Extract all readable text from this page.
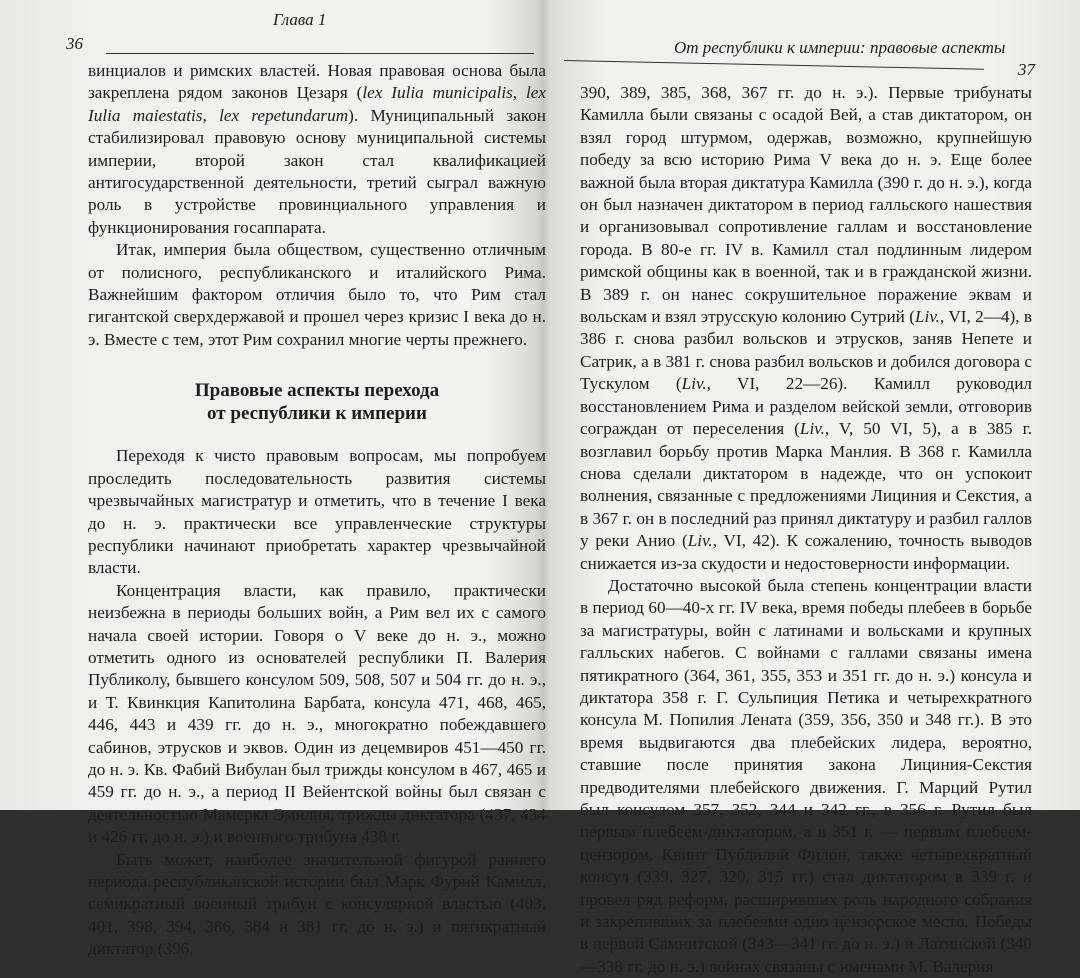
Глава 1
36

винциалов и римских властей. Новая правовая основа была закреплена рядом законов Цезаря (lex Iulia municipalis, lex Iulia maiestatis, lex repetundarum). Муниципальный закон стабилизировал правовую основу муниципальной системы империи, второй закон стал квалификацией антигосударственной деятельности, третий сыграл важную роль в устройстве провинциального управления и функционирования госаппарата.

Итак, империя была обществом, существенно отличным от полисного, республиканского и италийского Рима. Важнейшим фактором отличия было то, что Рим стал гигантской сверхдержавой и прошел через кризис I века до н. э. Вместе с тем, этот Рим сохранил многие черты прежнего.

Правовые аспекты перехода
от республики к империи

Переходя к чисто правовым вопросам, мы попробуем проследить последовательность развития системы чрезвычайных магистратур и отметить, что в течение I века до н. э. практически все управленческие структуры республики начинают приобретать характер чрезвычайной власти.

Концентрация власти, как правило, практически неизбежна в периоды больших войн, а Рим вел их с самого начала своей истории. Говоря о V веке до н. э., можно отметить одного из основателей республики П. Валерия Публиколу, бывшего консулом 509, 508, 507 и 504 гг. до н. э., и Т. Квинкция Капитолина Барбата, консула 471, 468, 465, 446, 443 и 439 гг. до н. э., многократно побеждавшего сабинов, этрусков и эквов. Один из децемвиров 451—450 гг. до н. э. Кв. Фабий Вибулан был трижды консулом в 467, 465 и 459 гг. до н. э., а период II Вейентской войны был связан с деятельностью Мамерка Эмилия, трижды диктатора (437, 434 и 426 гг. до н. э.) и военного трибуна 438 г.

Быть может, наиболее значительной фигурой раннего периода республиканской истории был Марк Фурий Камилл, семикратный военный трибун с консулярной властью (403, 401, 398, 394, 386, 384 и 381 гг. до н. э.) и пятикратный диктатор (396,

От республики к империи: правовые аспекты
37

390, 389, 385, 368, 367 гг. до н. э.). Первые трибунаты Камилла были связаны с осадой Вей, а став диктатором, он взял город штурмом, одержав, возможно, крупнейшую победу за всю историю Рима V века до н. э. Еще более важной была вторая диктатура Камилла (390 г. до н. э.), когда он был назначен диктатором в период галльского нашествия и организовывал сопротивление галлам и восстановление города. В 80-е гг. IV в. Камилл стал подлинным лидером римской общины как в военной, так и в гражданской жизни. В 389 г. он нанес сокрушительное поражение эквам и вольскам и взял этрусскую колонию Сутрий (Liv., VI, 2—4), в 386 г. снова разбил вольсков и этрусков, заняв Непете и Сатрик, а в 381 г. снова разбил вольсков и добился договора с Тускулом (Liv., VI, 22—26). Камилл руководил восстановлением Рима и разделом вейской земли, отговорив сограждан от переселения (Liv., V, 50 VI, 5), а в 385 г. возглавил борьбу против Марка Манлия. В 368 г. Камилла снова сделали диктатором в надежде, что он успокоит волнения, связанные с предложениями Лициния и Секстия, а в 367 г. он в последний раз принял диктатуру и разбил галлов у реки Анио (Liv., VI, 42). К сожалению, точность выводов снижается из-за скудости и недостоверности информации.

Достаточно высокой была степень концентрации власти в период 60—40-х гг. IV века, время победы плебеев в борьбе за магистратуры, войн с латинами и вольсками и крупных галльских набегов. С войнами с галлами связаны имена пятикратного (364, 361, 355, 353 и 351 гг. до н. э.) консула и диктатора 358 г. Г. Сульпиция Петика и четырехкратного консула М. Попилия Лената (359, 356, 350 и 348 гг.). В это время выдвигаются два плебейских лидера, вероятно, ставшие после принятия закона Лициния-Секстия предводителями плебейского движения. Г. Марций Рутил был консулом 357, 352, 344 и 342 гг., в 356 г. Рутил был первым плебеем-диктатором, а в 351 г. — первым плебеем-цензором. Квинт Публилий Филон, также четырехкратный консул (339, 327, 320, 315 гг.) стал диктатором в 339 г. и провел ряд реформ, расширивших роль народного собрания и закрепивших за плебеями одно цензорское место. Победы в первой Самнитской (343—341 гг. до н. э.) и Латинской (340—338 гг. до н. э.) войнах связаны с именами М. Валерия
